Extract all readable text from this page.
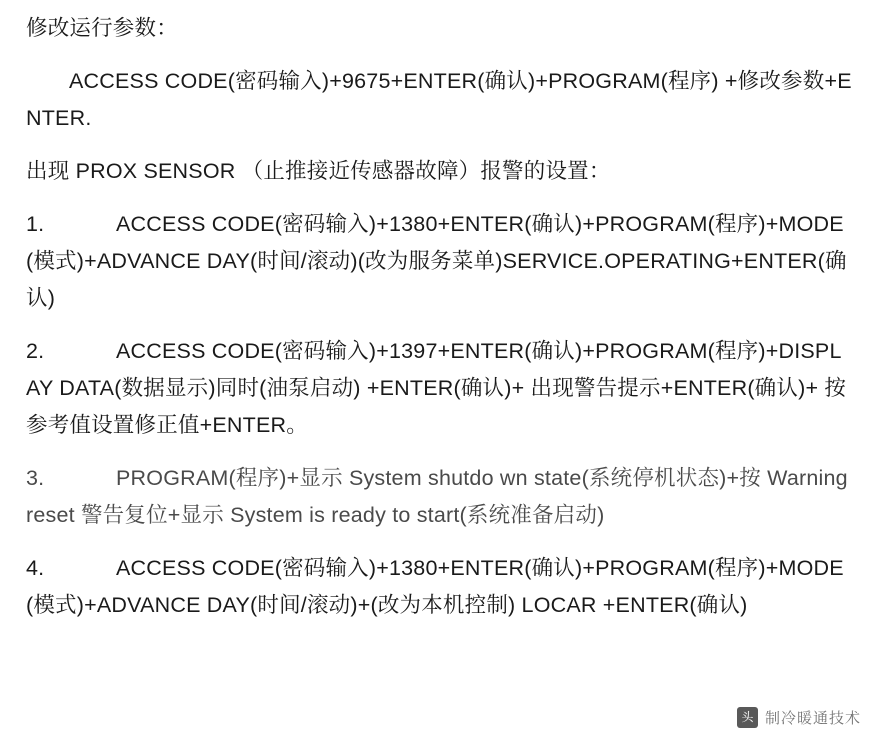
修改运行参数：

ACCESS CODE(密码输入)+9675+ENTER(确认)+PROGRAM(程序) +修改参数+ENTER.

出现 PROX SENSOR （止推接近传感器故障）报警的设置：

1.	ACCESS CODE(密码输入)+1380+ENTER(确认)+PROGRAM(程序)+MODE(模式)+ADVANCE DAY(时间/滚动)(改为服务菜单)SERVICE.OPERATING+ENTER(确认)

2.	ACCESS CODE(密码输入)+1397+ENTER(确认)+PROGRAM(程序)+DISPLAY DATA(数据显示)同时(油泵启动) +ENTER(确认)+ 出现警告提示+ENTER(确认)+ 按参考值设置修正值+ENTER。

3.	PROGRAM(程序)+显示 System shutdo wn state(系统停机状态)+按 Warning reset 警告复位+显示 System is ready to start(系统准备启动)

4.	ACCESS CODE(密码输入)+1380+ENTER(确认)+PROGRAM(程序)+MODE(模式)+ADVANCE DAY(时间/滚动)+(改为本机控制) LOCAR +ENTER(确认)

头条
制冷暖通技术
